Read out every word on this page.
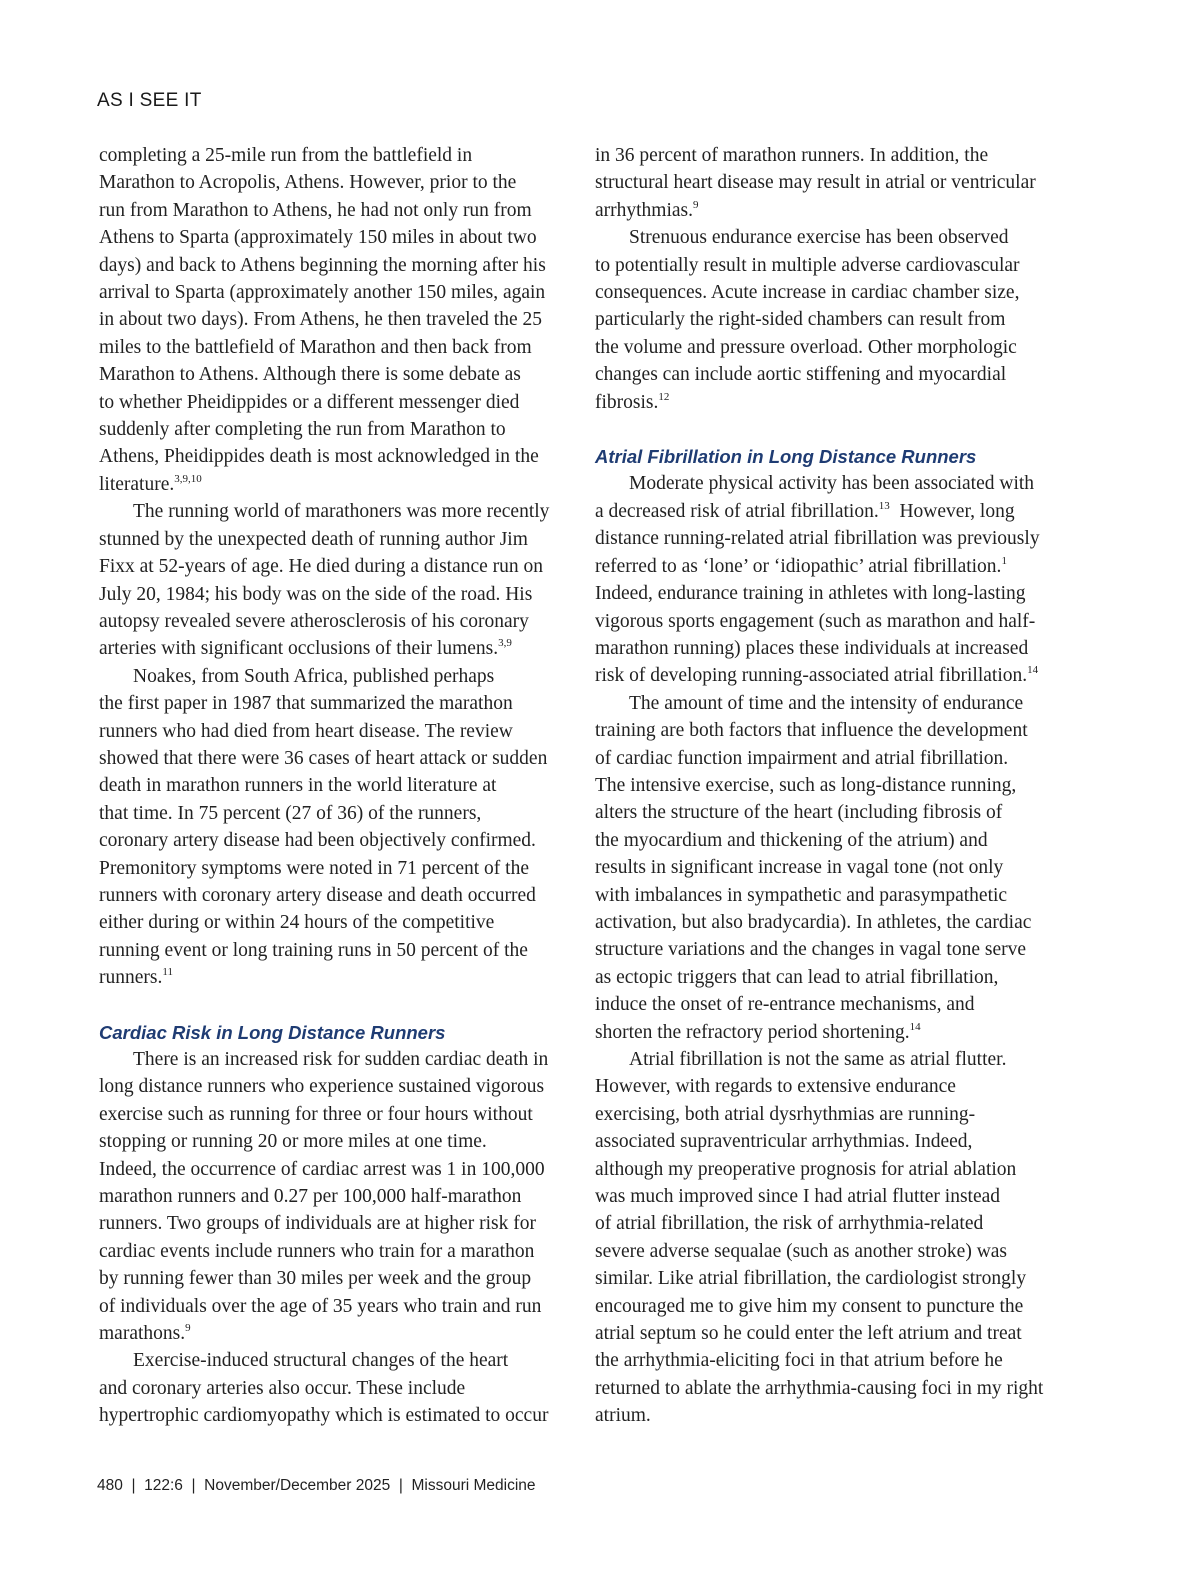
AS I SEE IT

completing a 25-mile run from the battlefield in
Marathon to Acropolis, Athens. However, prior to the
run from Marathon to Athens, he had not only run from
Athens to Sparta (approximately 150 miles in about two
days) and back to Athens beginning the morning after his
arrival to Sparta (approximately another 150 miles, again
in about two days). From Athens, he then traveled the 25
miles to the battlefield of Marathon and then back from
Marathon to Athens. Although there is some debate as
to whether Pheidippides or a different messenger died
suddenly after completing the run from Marathon to
Athens, Pheidippides death is most acknowledged in the
literature.$^{3,9,10}$

The running world of marathoners was more recently
stunned by the unexpected death of running author Jim
Fixx at 52-years of age. He died during a distance run on
July 20, 1984; his body was on the side of the road. His
autopsy revealed severe atherosclerosis of his coronary
arteries with significant occlusions of their lumens.$^{3,9}$

Noakes, from South Africa, published perhaps
the first paper in 1987 that summarized the marathon
runners who had died from heart disease. The review
showed that there were 36 cases of heart attack or sudden
death in marathon runners in the world literature at
that time. In 75 percent (27 of 36) of the runners,
coronary artery disease had been objectively confirmed.
Premonitory symptoms were noted in 71 percent of the
runners with coronary artery disease and death occurred
either during or within 24 hours of the competitive
running event or long training runs in 50 percent of the
runners.$^{11}$

Cardiac Risk in Long Distance Runners

There is an increased risk for sudden cardiac death in
long distance runners who experience sustained vigorous
exercise such as running for three or four hours without
stopping or running 20 or more miles at one time.
Indeed, the occurrence of cardiac arrest was 1 in 100,000
marathon runners and 0.27 per 100,000 half-marathon
runners. Two groups of individuals are at higher risk for
cardiac events include runners who train for a marathon
by running fewer than 30 miles per week and the group
of individuals over the age of 35 years who train and run
marathons.$^9$

Exercise-induced structural changes of the heart
and coronary arteries also occur. These include
hypertrophic cardiomyopathy which is estimated to occur

in 36 percent of marathon runners. In addition, the
structural heart disease may result in atrial or ventricular
arrhythmias.$^9$

Strenuous endurance exercise has been observed
to potentially result in multiple adverse cardiovascular
consequences. Acute increase in cardiac chamber size,
particularly the right-sided chambers can result from
the volume and pressure overload. Other morphologic
changes can include aortic stiffening and myocardial
fibrosis.$^{12}$

Atrial Fibrillation in Long Distance Runners

Moderate physical activity has been associated with
a decreased risk of atrial fibrillation.$^{13}$  However, long
distance running-related atrial fibrillation was previously
referred to as ‘lone’ or ‘idiopathic’ atrial fibrillation.$^1$
Indeed, endurance training in athletes with long-lasting
vigorous sports engagement (such as marathon and half-
marathon running) places these individuals at increased
risk of developing running-associated atrial fibrillation.$^{14}$

The amount of time and the intensity of endurance
training are both factors that influence the development
of cardiac function impairment and atrial fibrillation.
The intensive exercise, such as long-distance running,
alters the structure of the heart (including fibrosis of
the myocardium and thickening of the atrium) and
results in significant increase in vagal tone (not only
with imbalances in sympathetic and parasympathetic
activation, but also bradycardia). In athletes, the cardiac
structure variations and the changes in vagal tone serve
as ectopic triggers that can lead to atrial fibrillation,
induce the onset of re-entrance mechanisms, and
shorten the refractory period shortening.$^{14}$

Atrial fibrillation is not the same as atrial flutter.
However, with regards to extensive endurance
exercising, both atrial dysrhythmias are running-
associated supraventricular arrhythmias. Indeed,
although my preoperative prognosis for atrial ablation
was much improved since I had atrial flutter instead
of atrial fibrillation, the risk of arrhythmia-related
severe adverse sequalae (such as another stroke) was
similar. Like atrial fibrillation, the cardiologist strongly
encouraged me to give him my consent to puncture the
atrial septum so he could enter the left atrium and treat
the arrhythmia-eliciting foci in that atrium before he
returned to ablate the arrhythmia-causing foci in my right
atrium.

480  |  122:6  |  November/December 2025  |  Missouri Medicine
